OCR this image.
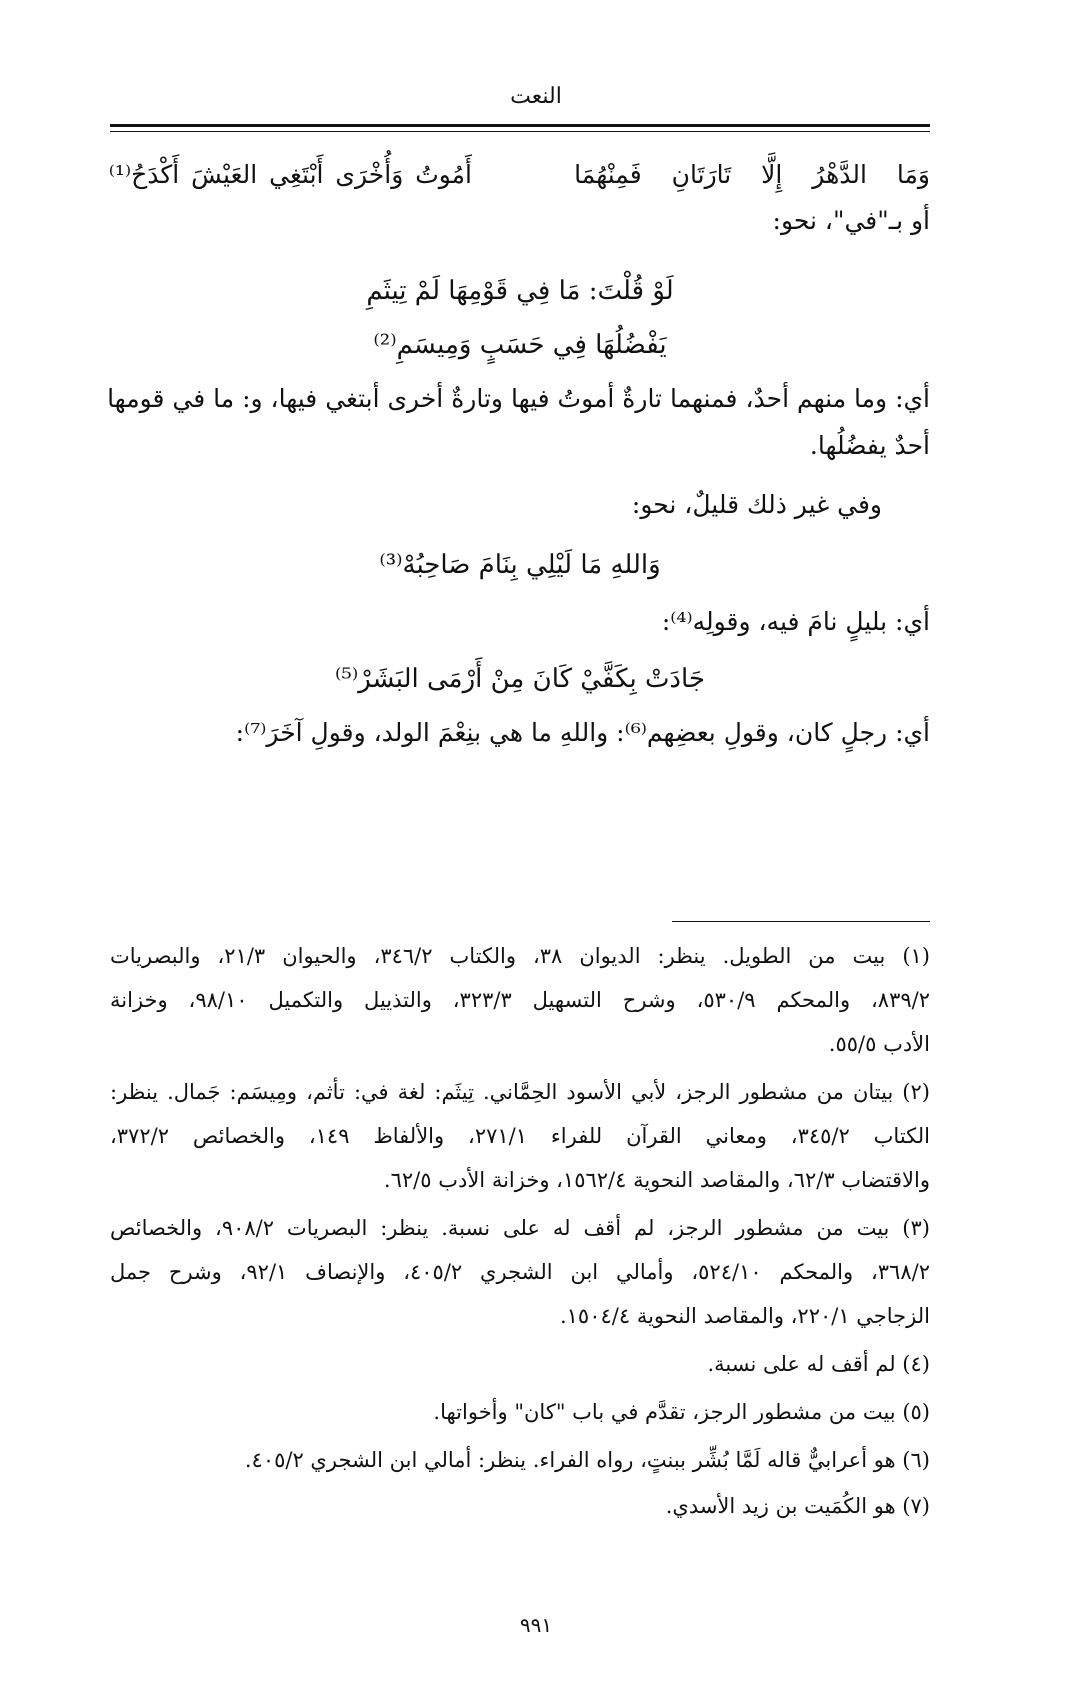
النعت
وَمَا الدَّهْرُ إِلَّا تَارَتَانِ فَمِنْهُمَا
أَمُوتُ وَأُخْرَى أَبْتَغِي العَيْشَ أَكْدَحُ⁽¹⁾
أو بـ"في"، نحو:
لَوْ قُلْتَ: مَا فِي قَوْمِهَا لَمْ تِيثَمِ
يَفْضُلُهَا فِي حَسَبٍ وَمِيسَمِ⁽²⁾
أي: وما منهم أحدٌ، فمنهما تارةٌ أموتُ فيها وتارةٌ أخرى أبتغي فيها، و: ما في قومها
أحدٌ يفضُلُها.
وفي غير ذلك قليلٌ، نحو:
وَاللهِ مَا لَيْلِي بِنَامَ صَاحِبُهْ⁽³⁾
أي: بليلٍ نامَ فيه، وقولِه⁽⁴⁾:
جَادَتْ بِكَفَّيْ كَانَ مِنْ أَرْمَى البَشَرْ⁽⁵⁾
أي: رجلٍ كان، وقولِ بعضِهم⁽⁶⁾: واللهِ ما هي بنِعْمَ الولد، وقولِ آخَرَ⁽⁷⁾:
(١) بيت من الطويل. ينظر: الديوان ٣٨، والكتاب ٣٤٦/٢، والحيوان ٢١/٣، والبصريات
٨٣٩/٢، والمحكم ٥٣٠/٩، وشرح التسهيل ٣٢٣/٣، والتذييل والتكميل ٩٨/١٠، وخزانة
الأدب ٥٥/٥.
(٢) بيتان من مشطور الرجز، لأبي الأسود الحِمَّاني. تِيثَم: لغة في: تأثم، ومِيسَم: جَمال. ينظر:
الكتاب ٣٤٥/٢، ومعاني القرآن للفراء ٢٧١/١، والألفاظ ١٤٩، والخصائص ٣٧٢/٢،
والاقتضاب ٦٢/٣، والمقاصد النحوية ١٥٦٢/٤، وخزانة الأدب ٦٢/٥.
(٣) بيت من مشطور الرجز، لم أقف له على نسبة. ينظر: البصريات ٩٠٨/٢، والخصائص
٣٦٨/٢، والمحكم ٥٢٤/١٠، وأمالي ابن الشجري ٤٠٥/٢، والإنصاف ٩٢/١، وشرح جمل
الزجاجي ٢٢٠/١، والمقاصد النحوية ١٥٠٤/٤.
(٤) لم أقف له على نسبة.
(٥) بيت من مشطور الرجز، تقدَّم في باب "كان" وأخواتها.
(٦) هو أعرابيٌّ قاله لَمَّا بُشِّر ببنتٍ، رواه الفراء. ينظر: أمالي ابن الشجري ٤٠٥/٢.
(٧) هو الكُمَيت بن زيد الأسدي.
٩٩١
